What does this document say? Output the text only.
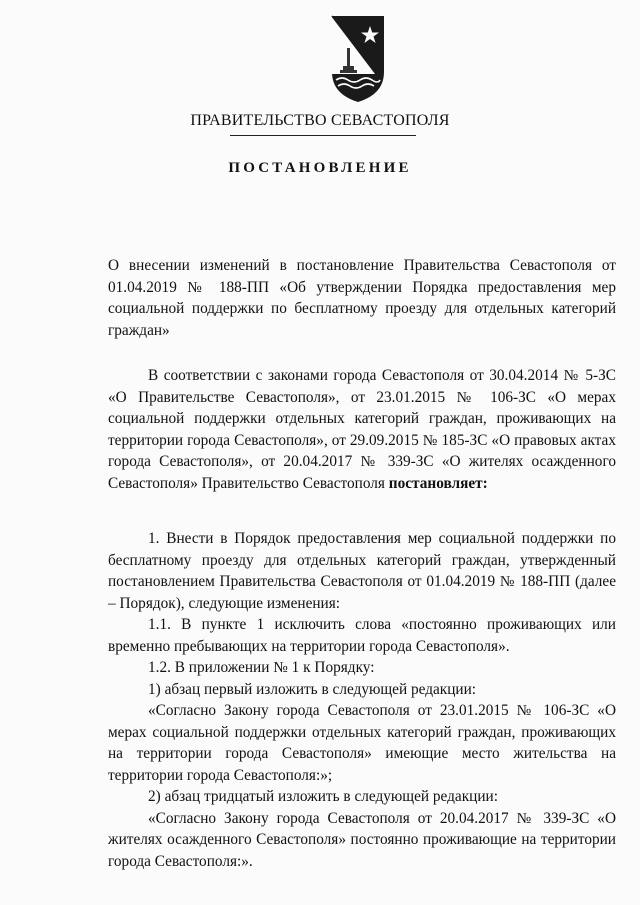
ПРАВИТЕЛЬСТВО СЕВАСТОПОЛЯ
ПОСТАНОВЛЕНИЕ
О внесении изменений в постановление Правительства Севастополя от 01.04.2019 № 188-ПП «Об утверждении Порядка предоставления мер социальной поддержки по бесплатному проезду для отдельных категорий граждан»

В соответствии с законами города Севастополя от 30.04.2014 № 5-ЗС «О Правительстве Севастополя», от 23.01.2015 № 106-ЗС «О мерах социальной поддержки отдельных категорий граждан, проживающих на территории города Севастополя», от 29.09.2015 № 185-ЗС «О правовых актах города Севастополя», от 20.04.2017 № 339-ЗС «О жителях осажденного Севастополя» Правительство Севастополя постановляет:

1. Внести в Порядок предоставления мер социальной поддержки по бесплатному проезду для отдельных категорий граждан, утвержденный постановлением Правительства Севастополя от 01.04.2019 № 188-ПП (далее – Порядок), следующие изменения:

1.1. В пункте 1 исключить слова «постоянно проживающих или временно пребывающих на территории города Севастополя».

1.2. В приложении № 1 к Порядку:

1) абзац первый изложить в следующей редакции:

«Согласно Закону города Севастополя от 23.01.2015 № 106-ЗС «О мерах социальной поддержки отдельных категорий граждан, проживающих на территории города Севастополя» имеющие место жительства на территории города Севастополя:»;

2) абзац тридцатый изложить в следующей редакции:

«Согласно Закону города Севастополя от 20.04.2017 № 339-ЗС «О жителях осажденного Севастополя» постоянно проживающие на территории города Севастополя:».
